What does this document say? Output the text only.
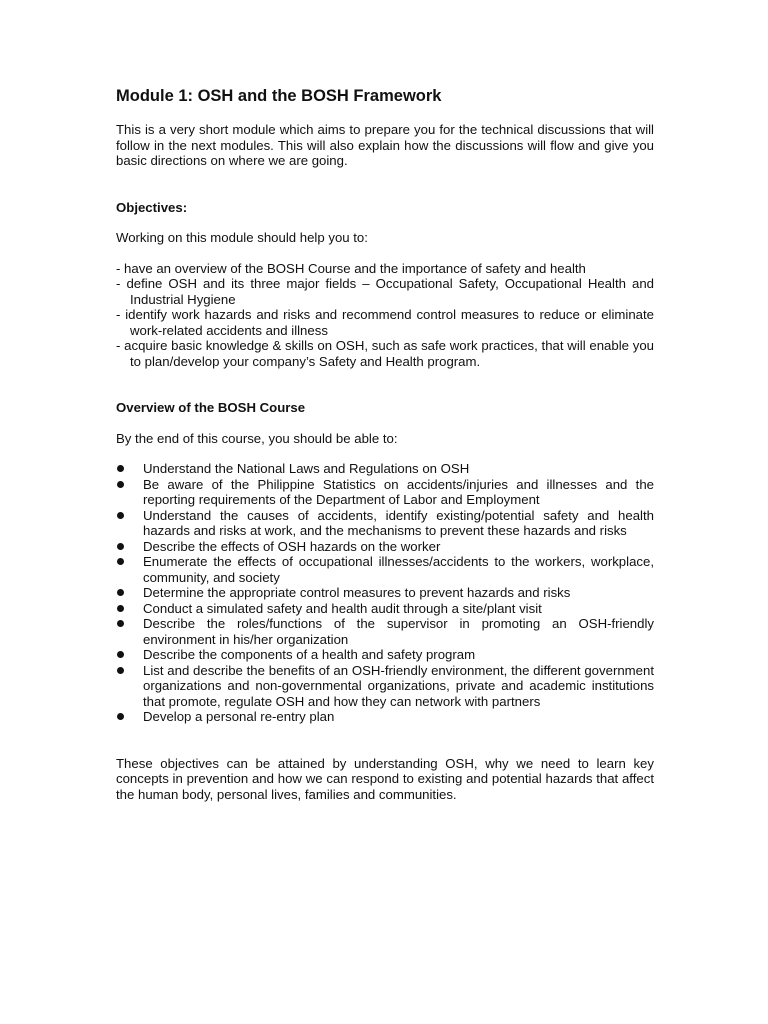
Module 1: OSH and the BOSH Framework

This is a very short module which aims to prepare you for the technical discussions that will follow in the next modules. This will also explain how the discussions will flow and give you basic directions on where we are going.

Objectives:

Working on this module should help you to:

- have an overview of the BOSH Course and the importance of safety and health
- define OSH and its three major fields – Occupational Safety, Occupational Health and Industrial Hygiene
- identify work hazards and risks and recommend control measures to reduce or eliminate work-related accidents and illness
- acquire basic knowledge & skills on OSH, such as safe work practices, that will enable you to plan/develop your company’s Safety and Health program.

Overview of the BOSH Course

By the end of this course, you should be able to:

Understand the National Laws and Regulations on OSH
Be aware of the Philippine Statistics on accidents/injuries and illnesses and the reporting requirements of the Department of Labor and Employment
Understand the causes of accidents, identify existing/potential safety and health hazards and risks at work, and the mechanisms to prevent these hazards and risks
Describe the effects of OSH hazards on the worker
Enumerate the effects of occupational illnesses/accidents to the workers, workplace, community, and society
Determine the appropriate control measures to prevent hazards and risks
Conduct a simulated safety and health audit through a site/plant visit
Describe the roles/functions of the supervisor in promoting an OSH-friendly environment in his/her organization
Describe the components of a health and safety program
List and describe the benefits of an OSH-friendly environment, the different government organizations and non-governmental organizations, private and academic institutions that promote, regulate OSH and how they can network with partners
Develop a personal re-entry plan

These objectives can be attained by understanding OSH, why we need to learn key concepts in prevention and how we can respond to existing and potential hazards that affect the human body, personal lives, families and communities.
